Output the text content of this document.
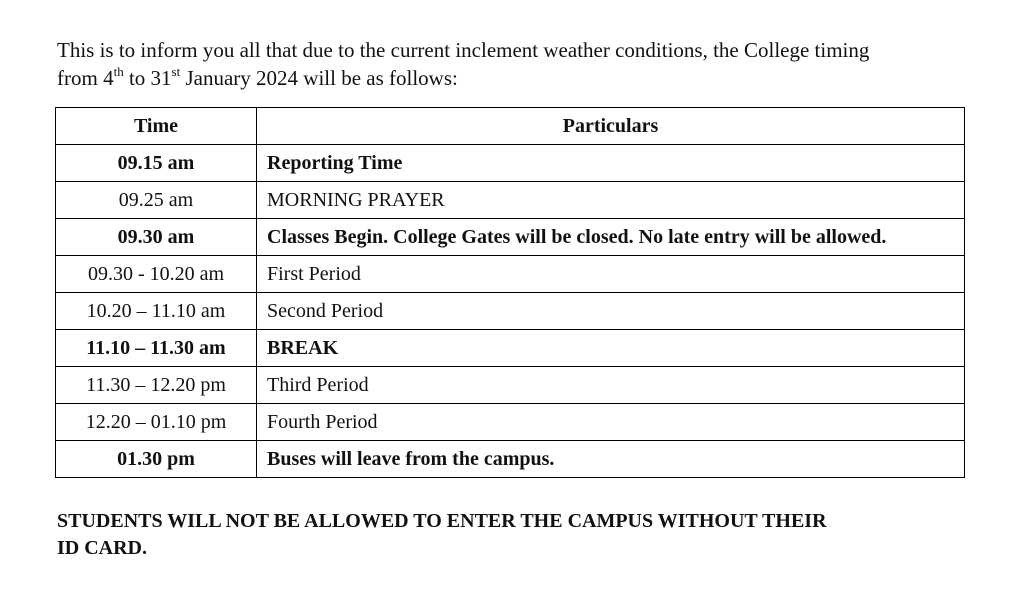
This is to inform you all that due to the current inclement weather conditions, the College timing
from 4th to 31st January 2024 will be as follows:
Time	Particulars
09.15 am	Reporting Time
09.25 am	MORNING PRAYER
09.30 am	Classes Begin. College Gates will be closed. No late entry will be allowed.
09.30 - 10.20 am	First Period
10.20 – 11.10 am	Second Period
11.10 – 11.30 am	BREAK
11.30 – 12.20 pm	Third Period
12.20 – 01.10 pm	Fourth Period
01.30 pm	Buses will leave from the campus.
STUDENTS WILL NOT BE ALLOWED TO ENTER THE CAMPUS WITHOUT THEIR
ID CARD.
